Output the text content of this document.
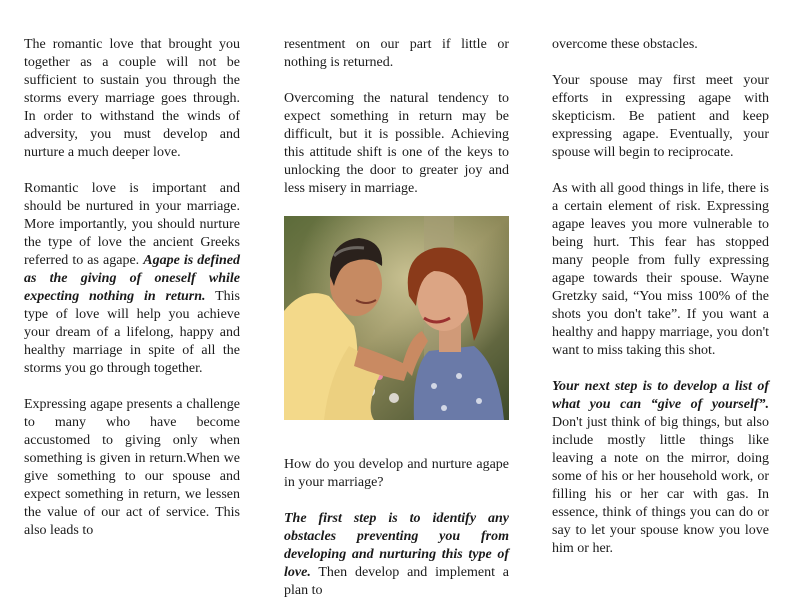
The romantic love that brought you together as a couple will not be sufficient to sustain you through the storms every marriage goes through. In order to withstand the winds of adversity, you must develop and nurture a much deeper love.

Romantic love is important and should be nurtured in your marriage. More importantly, you should nurture the type of love the ancient Greeks referred to as agape. Agape is defined as the giving of oneself while expecting nothing in return. This type of love will help you achieve your dream of a lifelong, happy and healthy marriage in spite of all the storms you go through together.

Expressing agape presents a challenge to many who have become accustomed to giving only when something is given in return.When we give something to our spouse and expect something in return, we lessen the value of our act of service. This also leads to

resentment on our part if little or nothing is returned.

Overcoming the natural tendency to expect something in return may be difficult, but it is possible. Achieving this attitude shift is one of the keys to unlocking the door to greater joy and less misery in marriage.

How do you develop and nurture agape in your marriage?

The first step is to identify any obstacles preventing you from developing and nurturing this type of love. Then develop and implement a plan to

overcome these obstacles.

Your spouse may first meet your efforts in expressing agape with skepticism. Be patient and keep expressing agape. Eventually, your spouse will begin to reciprocate.

As with all good things in life, there is a certain element of risk. Expressing agape leaves you more vulnerable to being hurt. This fear has stopped many people from fully expressing agape towards their spouse. Wayne Gretzky said, “You miss 100% of the shots you don't take”. If you want a healthy and happy marriage, you don't want to miss taking this shot.

Your next step is to develop a list of what you can “give of yourself”. Don't just think of big things, but also include mostly little things like leaving a note on the mirror, doing some of his or her household work, or filling his or her car with gas. In essence, think of things you can do or say to let your spouse know you love him or her.
